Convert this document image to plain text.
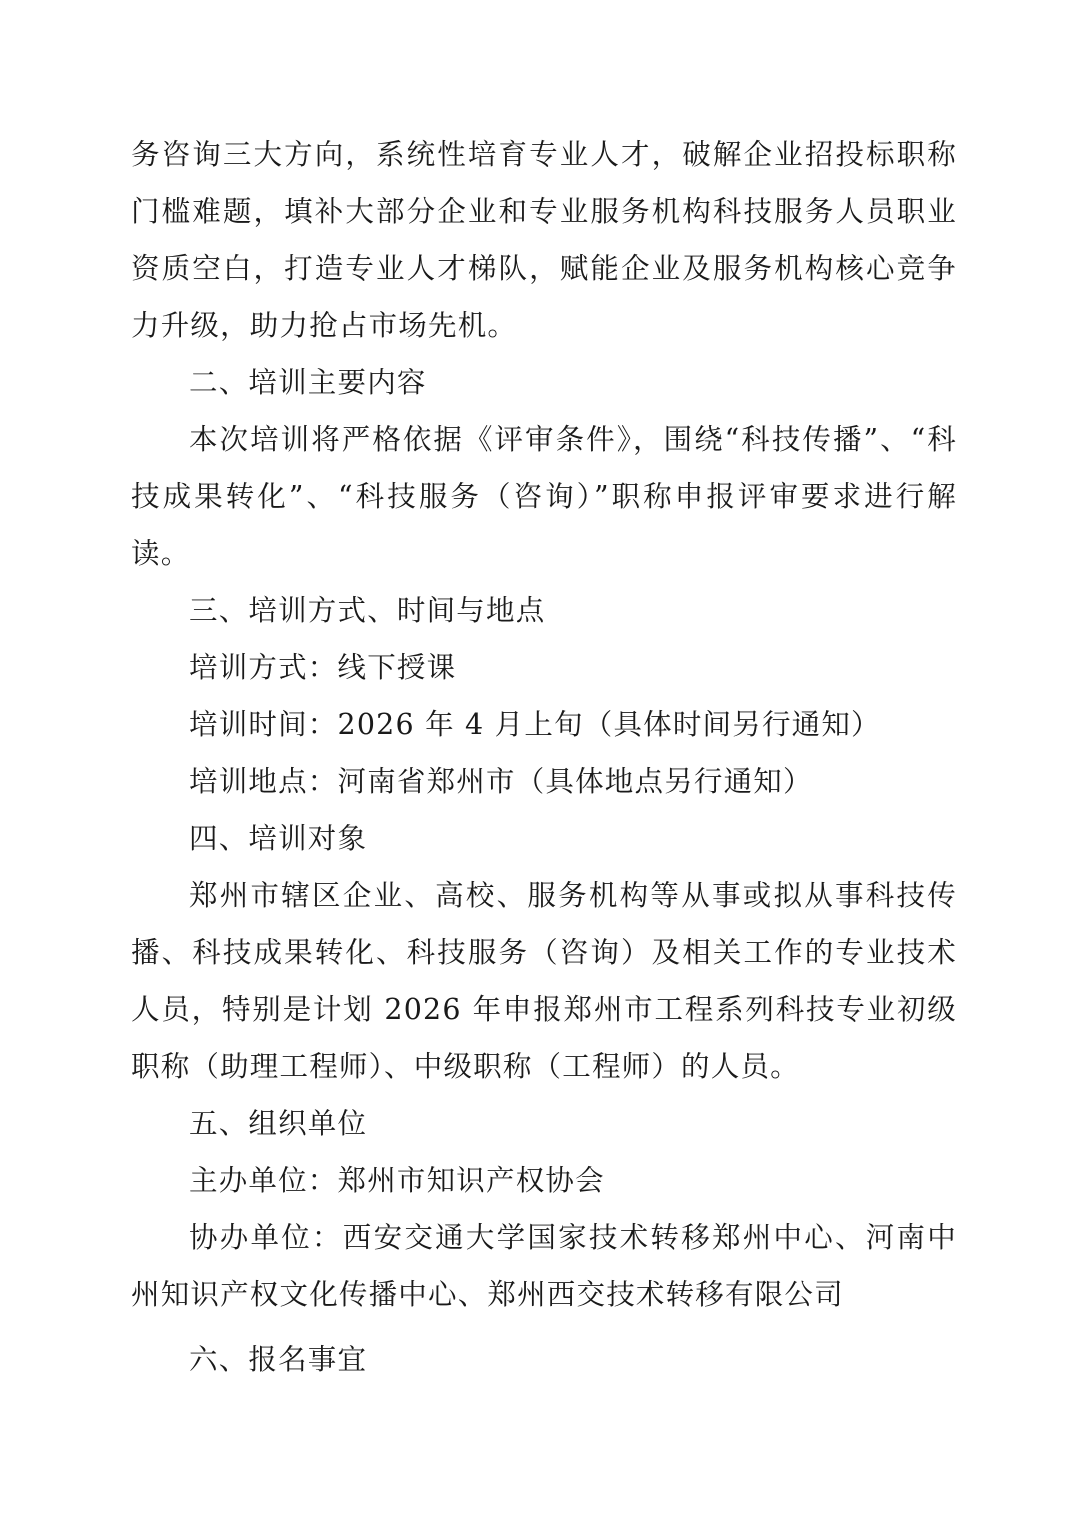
务咨询三大方向，系统性培育专业人才，破解企业招投标职称门槛难题，填补大部分企业和专业服务机构科技服务人员职业资质空白，打造专业人才梯队，赋能企业及服务机构核心竞争力升级，助力抢占市场先机。

二、培训主要内容

本次培训将严格依据《评审条件》，围绕“科技传播”、“科技成果转化”、“科技服务（咨询）”职称申报评审要求进行解读。

三、培训方式、时间与地点

培训方式：线下授课

培训时间：2026 年 4 月上旬（具体时间另行通知）

培训地点：河南省郑州市（具体地点另行通知）

四、培训对象

郑州市辖区企业、高校、服务机构等从事或拟从事科技传播、科技成果转化、科技服务（咨询）及相关工作的专业技术人员，特别是计划 2026 年申报郑州市工程系列科技专业初级职称（助理工程师）、中级职称（工程师）的人员。

五、组织单位

主办单位：郑州市知识产权协会

协办单位：西安交通大学国家技术转移郑州中心、河南中州知识产权文化传播中心、郑州西交技术转移有限公司

六、报名事宜
